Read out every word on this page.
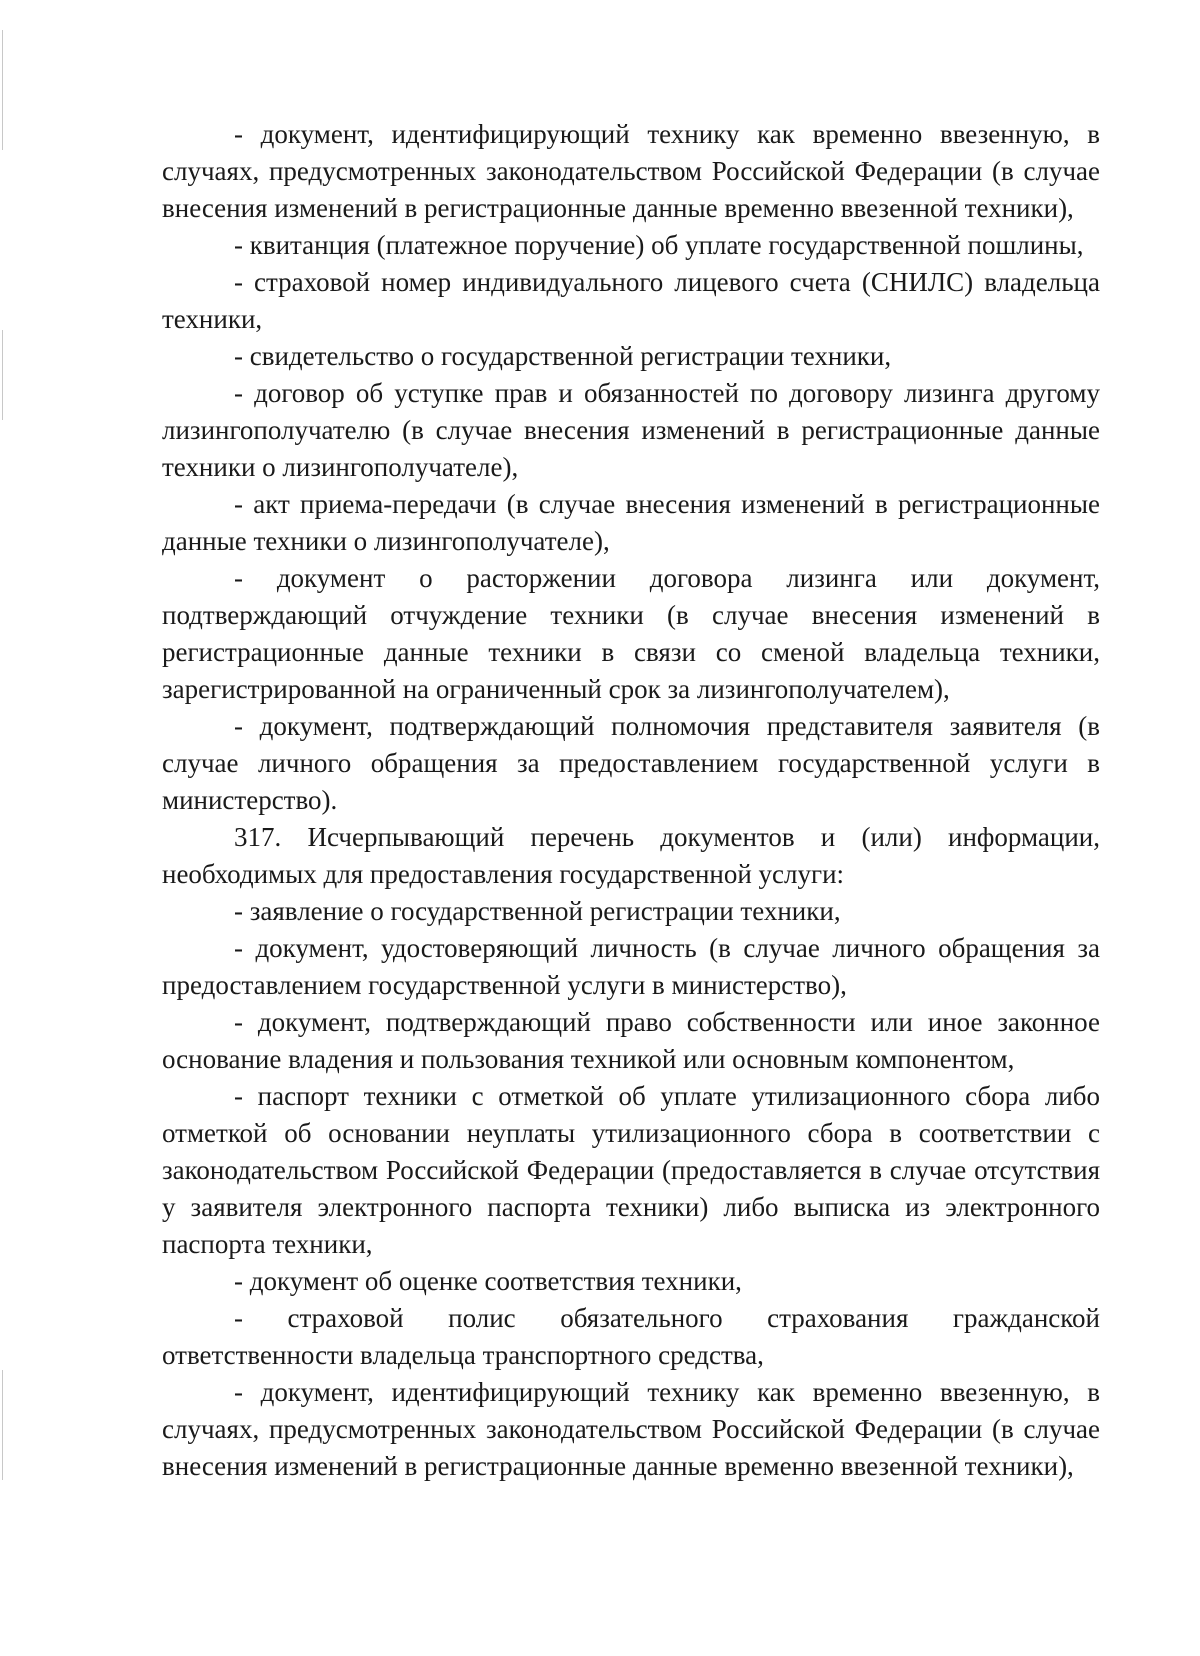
- документ, идентифицирующий технику как временно ввезенную, в случаях, предусмотренных законодательством Российской Федерации (в случае внесения изменений в регистрационные данные временно ввезенной техники),

- квитанция (платежное поручение) об уплате государственной пошлины,

- страховой номер индивидуального лицевого счета (СНИЛС) владельца техники,

- свидетельство о государственной регистрации техники,

- договор об уступке прав и обязанностей по договору лизинга другому лизингополучателю (в случае внесения изменений в регистрационные данные техники о лизингополучателе),

- акт приема-передачи (в случае внесения изменений в регистрационные данные техники о лизингополучателе),

- документ о расторжении договора лизинга или документ, подтверждающий отчуждение техники (в случае внесения изменений в регистрационные данные техники в связи со сменой владельца техники, зарегистрированной на ограниченный срок за лизингополучателем),

- документ, подтверждающий полномочия представителя заявителя (в случае личного обращения за предоставлением государственной услуги в министерство).

317. Исчерпывающий перечень документов и (или) информации, необходимых для предоставления государственной услуги:

- заявление о государственной регистрации техники,

- документ, удостоверяющий личность (в случае личного обращения за предоставлением государственной услуги в министерство),

- документ, подтверждающий право собственности или иное законное основание владения и пользования техникой или основным компонентом,

- паспорт техники с отметкой об уплате утилизационного сбора либо отметкой об основании неуплаты утилизационного сбора в соответствии с законодательством Российской Федерации (предоставляется в случае отсутствия у заявителя электронного паспорта техники) либо выписка из электронного паспорта техники,

- документ об оценке соответствия техники,

- страховой полис обязательного страхования гражданской ответственности владельца транспортного средства,

- документ, идентифицирующий технику как временно ввезенную, в случаях, предусмотренных законодательством Российской Федерации (в случае внесения изменений в регистрационные данные временно ввезенной техники),
